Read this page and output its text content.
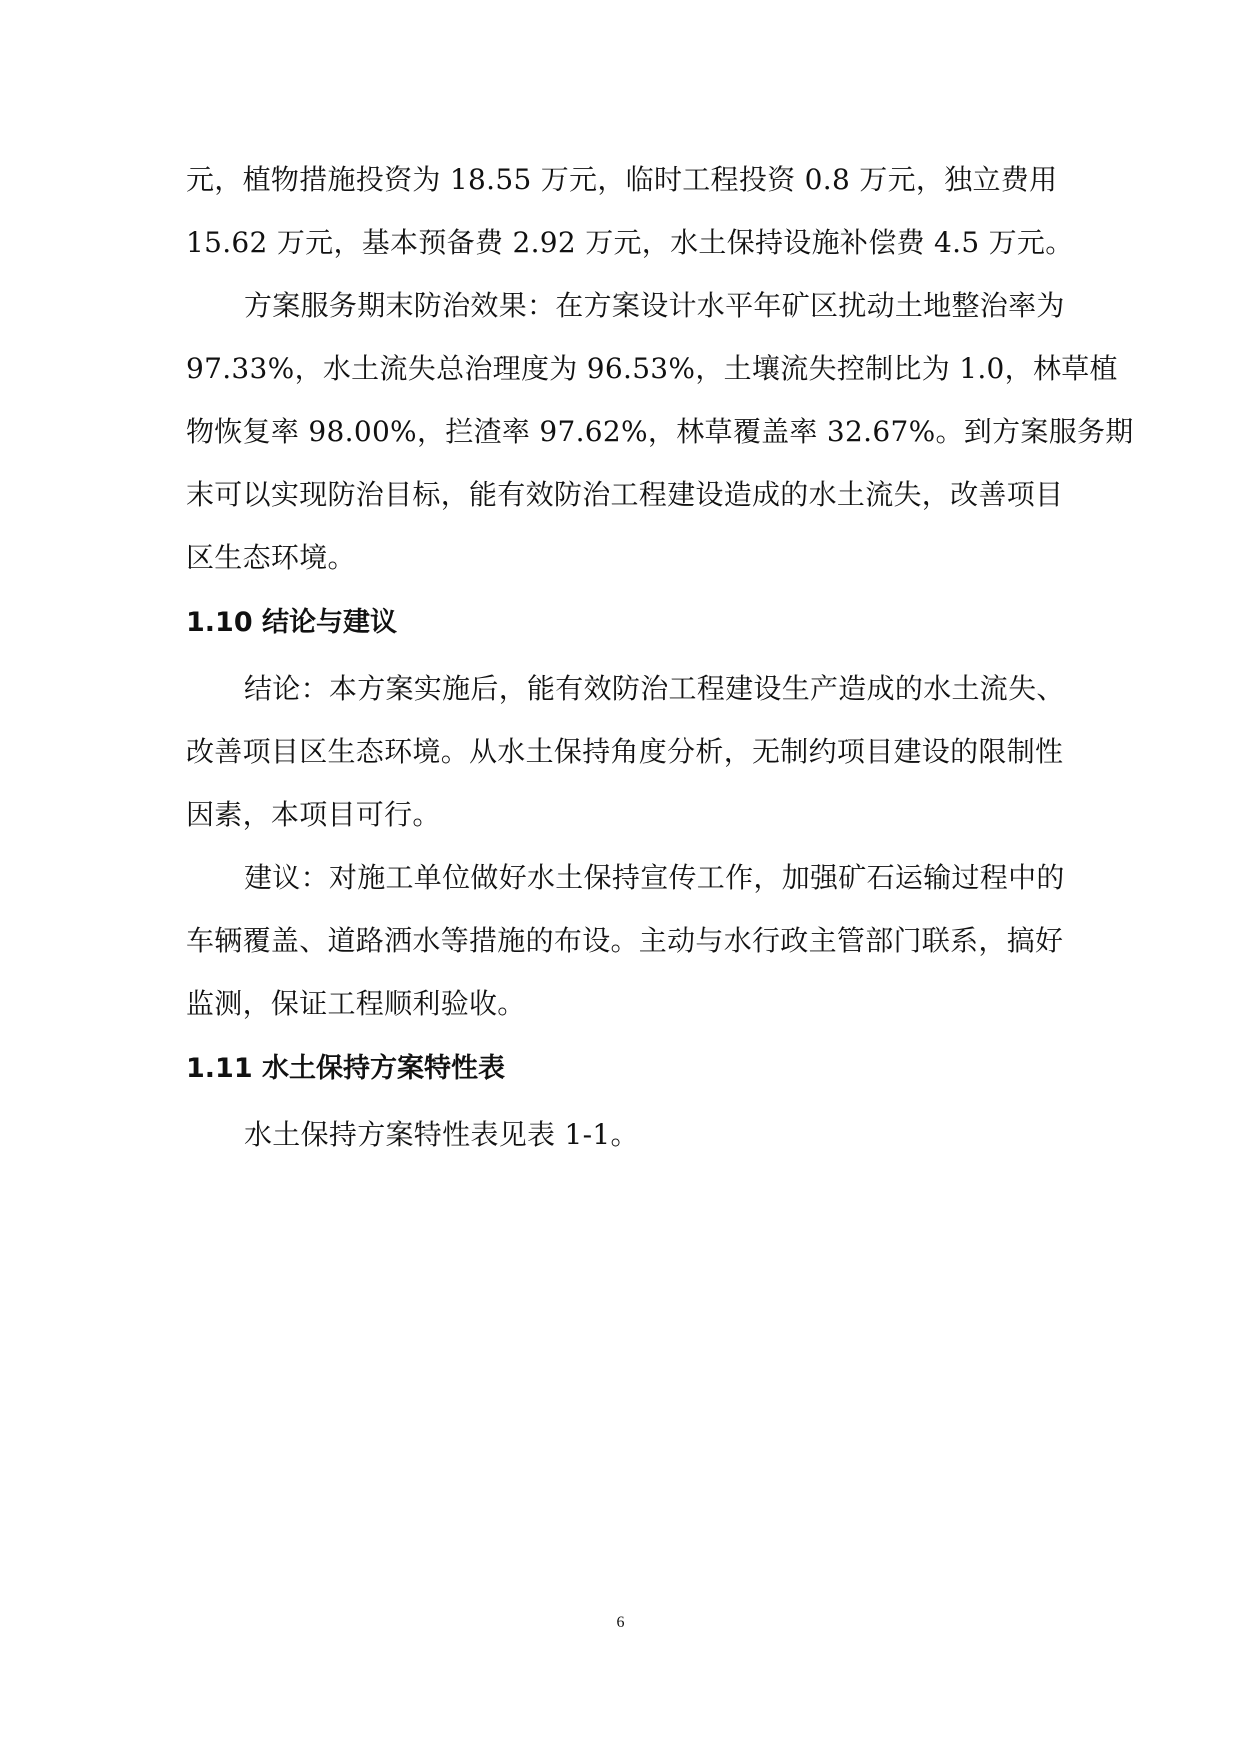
元，植物措施投资为 18.55 万元，临时工程投资 0.8 万元，独立费用
15.62 万元，基本预备费 2.92 万元，水土保持设施补偿费 4.5 万元。

方案服务期末防治效果：在方案设计水平年矿区扰动土地整治率为
97.33%，水土流失总治理度为 96.53%，土壤流失控制比为 1.0，林草植
物恢复率 98.00%，拦渣率 97.62%，林草覆盖率 32.67%。到方案服务期
末可以实现防治目标，能有效防治工程建设造成的水土流失，改善项目
区生态环境。

1.10 结论与建议

结论：本方案实施后，能有效防治工程建设生产造成的水土流失、
改善项目区生态环境。从水土保持角度分析，无制约项目建设的限制性
因素，本项目可行。

建议：对施工单位做好水土保持宣传工作，加强矿石运输过程中的
车辆覆盖、道路洒水等措施的布设。主动与水行政主管部门联系，搞好
监测，保证工程顺利验收。

1.11 水土保持方案特性表

水土保持方案特性表见表 1-1。

6
